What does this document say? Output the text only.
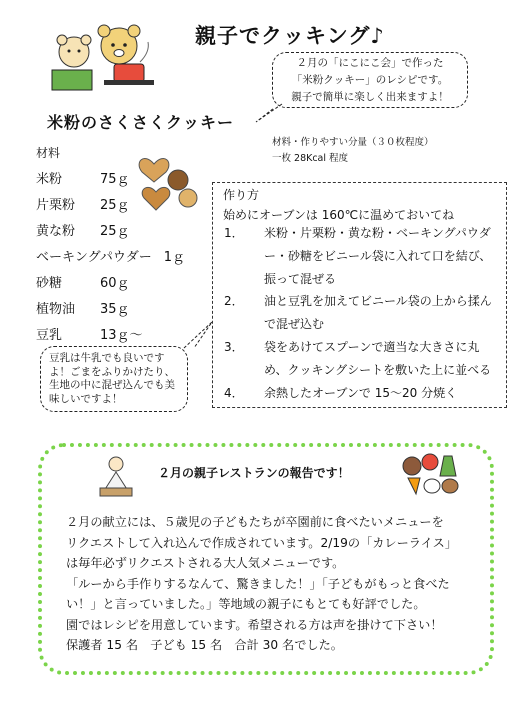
親子でクッキング♪
２月の「にこにこ会」で作った
「米粉クッキー」のレシピです。
親子で簡単に楽しく出来ますよ！
米粉のさくさくクッキー
材料・作りやすい分量（３０枚程度）
一枚 28Kcal 程度
材料
米粉	75ｇ
片栗粉 25ｇ
黄な粉 25ｇ
ベーキングパウダー 1ｇ
砂糖	60ｇ
植物油 35ｇ
豆乳	13ｇ～
豆乳は牛乳でも良いですよ！ごまをふりかけたり、生地の中に混ぜ込んでも美味しいですよ！
作り方
始めにオーブンは 160℃に温めておいてね
1． 米粉・片栗粉・黄な粉・ベーキングパウダー・砂糖をビニール袋に入れて口を結び、振って混ぜる
2． 油と豆乳を加えてビニール袋の上から揉んで混ぜ込む
3． 袋をあけてスプーンで適当な大きさに丸め、クッキングシートを敷いた上に並べる
4． 余熱したオーブンで 15～20 分焼く
２月の親子レストランの報告です！
２月の献立には、５歳児の子どもたちが卒園前に食べたいメニューを
リクエストして入れ込んで作成されています。2/19の「カレーライス」
は毎年必ずリクエストされる大人気メニューです。
「ルーから手作りするなんて、驚きました！」「子どもがもっと食べた
い！」と言っていました。」等地域の親子にもとても好評でした。
園ではレシピを用意しています。希望される方は声を掛けて下さい！
保護者 15 名　子ども 15 名　合計 30 名でした。
